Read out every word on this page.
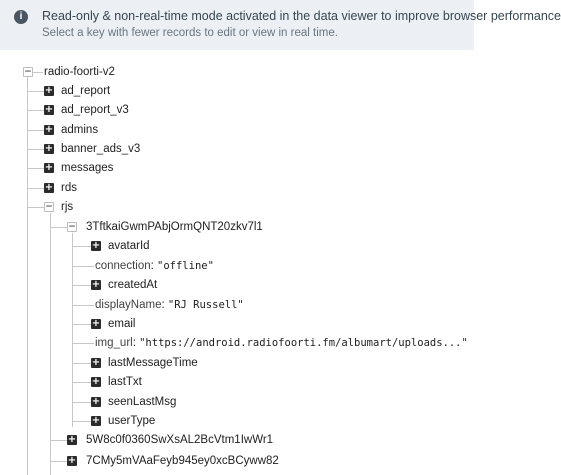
i	Read-only & non-real-time mode activated in the data viewer to improve browser performance
Select a key with fewer records to edit or view in real time.
− radio-foorti-v2
+ ad_report
+ ad_report_v3
+ admins
+ banner_ads_v3
+ messages
+ rds
− rjs
− 3TftkaiGwmPAbjOrmQNT20zkv7l1
+ avatarId
connection: "offline"
+ createdAt
displayName: "RJ Russell"
+ email
img_url: "https://android.radiofoorti.fm/albumart/uploads..."
+ lastMessageTime
+ lastTxt
+ seenLastMsg
+ userType
+ 5W8c0f0360SwXsAL2BcVtm1IwWr1
+ 7CMy5mVAaFeyb945ey0xcBCyww82
